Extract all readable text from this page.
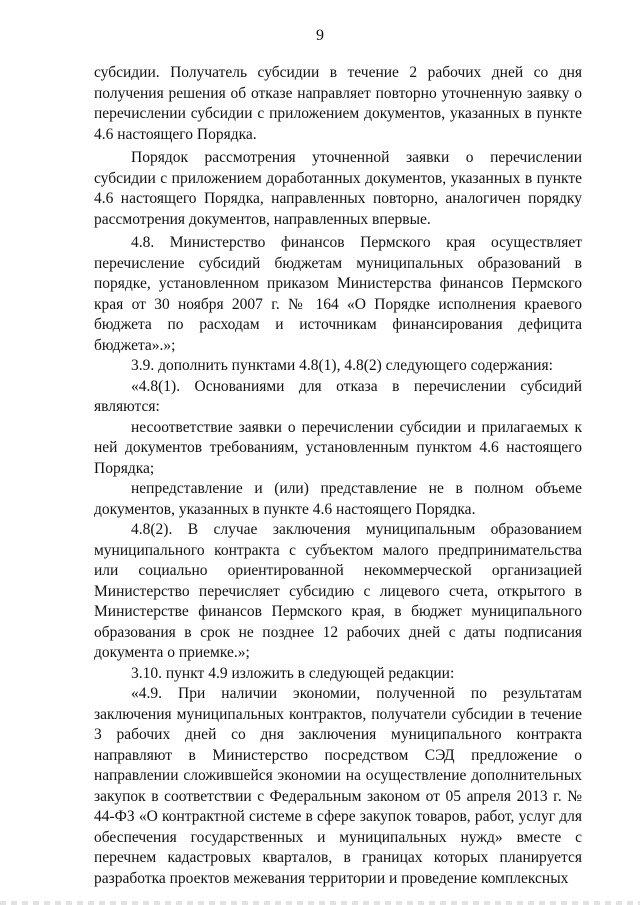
9

субсидии. Получатель субсидии в течение 2 рабочих дней со дня получения решения об отказе направляет повторно уточненную заявку о перечислении субсидии с приложением документов, указанных в пункте 4.6 настоящего Порядка.

Порядок рассмотрения уточненной заявки о перечислении субсидии с приложением доработанных документов, указанных в пункте 4.6 настоящего Порядка, направленных повторно, аналогичен порядку рассмотрения документов, направленных впервые.

4.8. Министерство финансов Пермского края осуществляет перечисление субсидий бюджетам муниципальных образований в порядке, установленном приказом Министерства финансов Пермского края от 30 ноября 2007 г. № 164 «О Порядке исполнения краевого бюджета по расходам и источникам финансирования дефицита бюджета».»;

3.9. дополнить пунктами 4.8(1), 4.8(2) следующего содержания:

«4.8(1). Основаниями для отказа в перечислении субсидий являются:

несоответствие заявки о перечислении субсидии и прилагаемых к ней документов требованиям, установленным пунктом 4.6 настоящего Порядка;

непредставление и (или) представление не в полном объеме документов, указанных в пункте 4.6 настоящего Порядка.

4.8(2). В случае заключения муниципальным образованием муниципального контракта с субъектом малого предпринимательства или социально ориентированной некоммерческой организацией Министерство перечисляет субсидию с лицевого счета, открытого в Министерстве финансов Пермского края, в бюджет муниципального образования в срок не позднее 12 рабочих дней с даты подписания документа о приемке.»;

3.10. пункт 4.9 изложить в следующей редакции:

«4.9. При наличии экономии, полученной по результатам заключения муниципальных контрактов, получатели субсидии в течение 3 рабочих дней со дня заключения муниципального контракта направляют в Министерство посредством СЭД предложение о направлении сложившейся экономии на осуществление дополнительных закупок в соответствии с Федеральным законом от 05 апреля 2013 г. № 44-ФЗ «О контрактной системе в сфере закупок товаров, работ, услуг для обеспечения государственных и муниципальных нужд» вместе с перечнем кадастровых кварталов, в границах которых планируется разработка проектов межевания территории и проведение комплексных
